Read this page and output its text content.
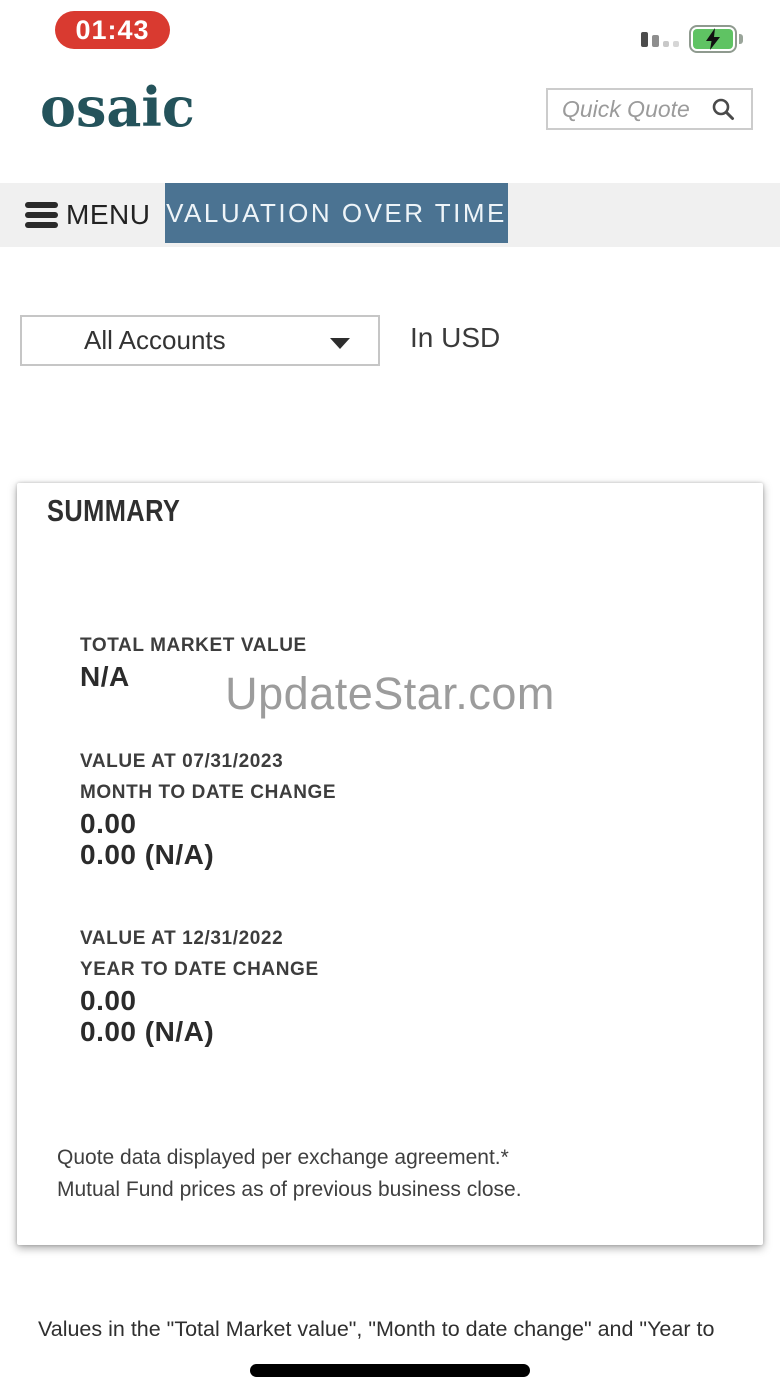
01:43
osaic
Quick Quote
MENU VALUATION OVER TIME
All Accounts	In USD
SUMMARY
TOTAL MARKET VALUE
N/A	UpdateStar.com
VALUE AT 07/31/2023
MONTH TO DATE CHANGE
0.00
0.00 (N/A)
VALUE AT 12/31/2022
YEAR TO DATE CHANGE
0.00
0.00 (N/A)
Quote data displayed per exchange agreement.*
Mutual Fund prices as of previous business close.
Values in the "Total Market value", "Month to date change" and "Year to
